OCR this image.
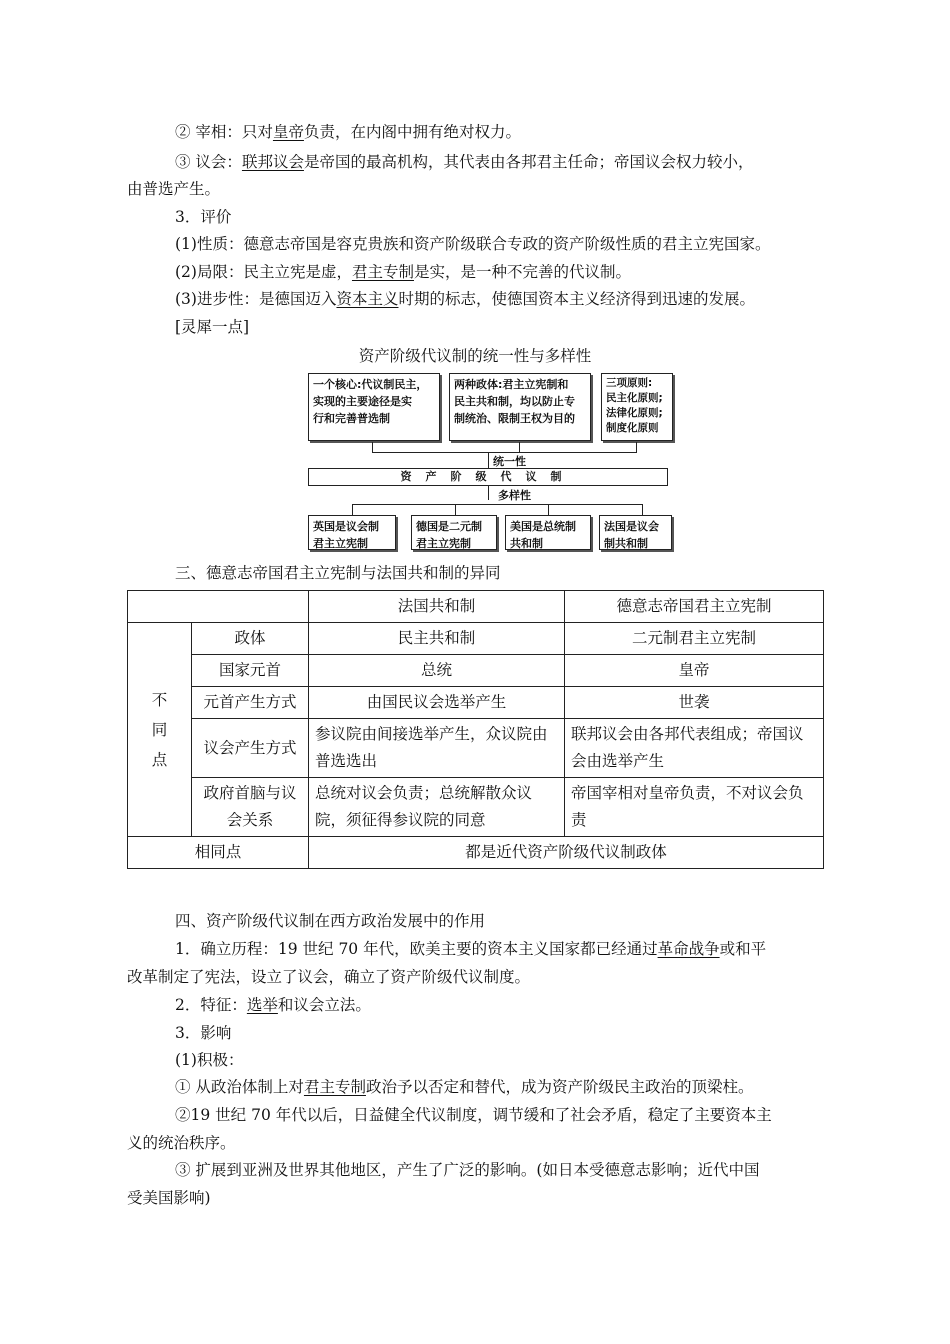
② 宰相：只对皇帝负责，在内阁中拥有绝对权力。
③ 议会：联邦议会是帝国的最高机构，其代表由各邦君主任命；帝国议会权力较小，
由普选产生。
3．评价
(1)性质：德意志帝国是容克贵族和资产阶级联合专政的资产阶级性质的君主立宪国家。
(2)局限：民主立宪是虚，君主专制是实，是一种不完善的代议制。
(3)进步性：是德国迈入资本主义时期的标志，使德国资本主义经济得到迅速的发展。
[灵犀一点]
资产阶级代议制的统一性与多样性
一个核心:代议制民主，
实现的主要途径是实
行和完善普选制
两种政体:君主立宪制和
民主共和制，均以防止专
制统治、限制王权为目的
三项原则:
民主化原则;
法律化原则;
制度化原则
统一性
资产阶级代议制
多样性
英国是议会制
君主立宪制
德国是二元制
君主立宪制
美国是总统制
共和制
法国是议会
制共和制
三、德意志帝国君主立宪制与法国共和制的异同
		法国共和制	德意志帝国君主立宪制
不
同
点	政体	民主共和制	二元制君主立宪制
	国家元首	总统	皇帝
	元首产生方式	由国民议会选举产生	世袭
	议会产生方式	参议院由间接选举产生，众议院由普选选出	联邦议会由各邦代表组成；帝国议会由选举产生
	政府首脑与议会关系	总统对议会负责；总统解散众议院，须征得参议院的同意	帝国宰相对皇帝负责，不对议会负责
相同点		都是近代资产阶级代议制政体	
四、资产阶级代议制在西方政治发展中的作用
1．确立历程：19 世纪 70 年代，欧美主要的资本主义国家都已经通过革命战争或和平
改革制定了宪法，设立了议会，确立了资产阶级代议制度。
2．特征：选举和议会立法。
3．影响
(1)积极：
① 从政治体制上对君主专制政治予以否定和替代，成为资产阶级民主政治的顶梁柱。
②19 世纪 70 年代以后，日益健全代议制度，调节缓和了社会矛盾，稳定了主要资本主
义的统治秩序。
③ 扩展到亚洲及世界其他地区，产生了广泛的影响。(如日本受德意志影响；近代中国
受美国影响)
